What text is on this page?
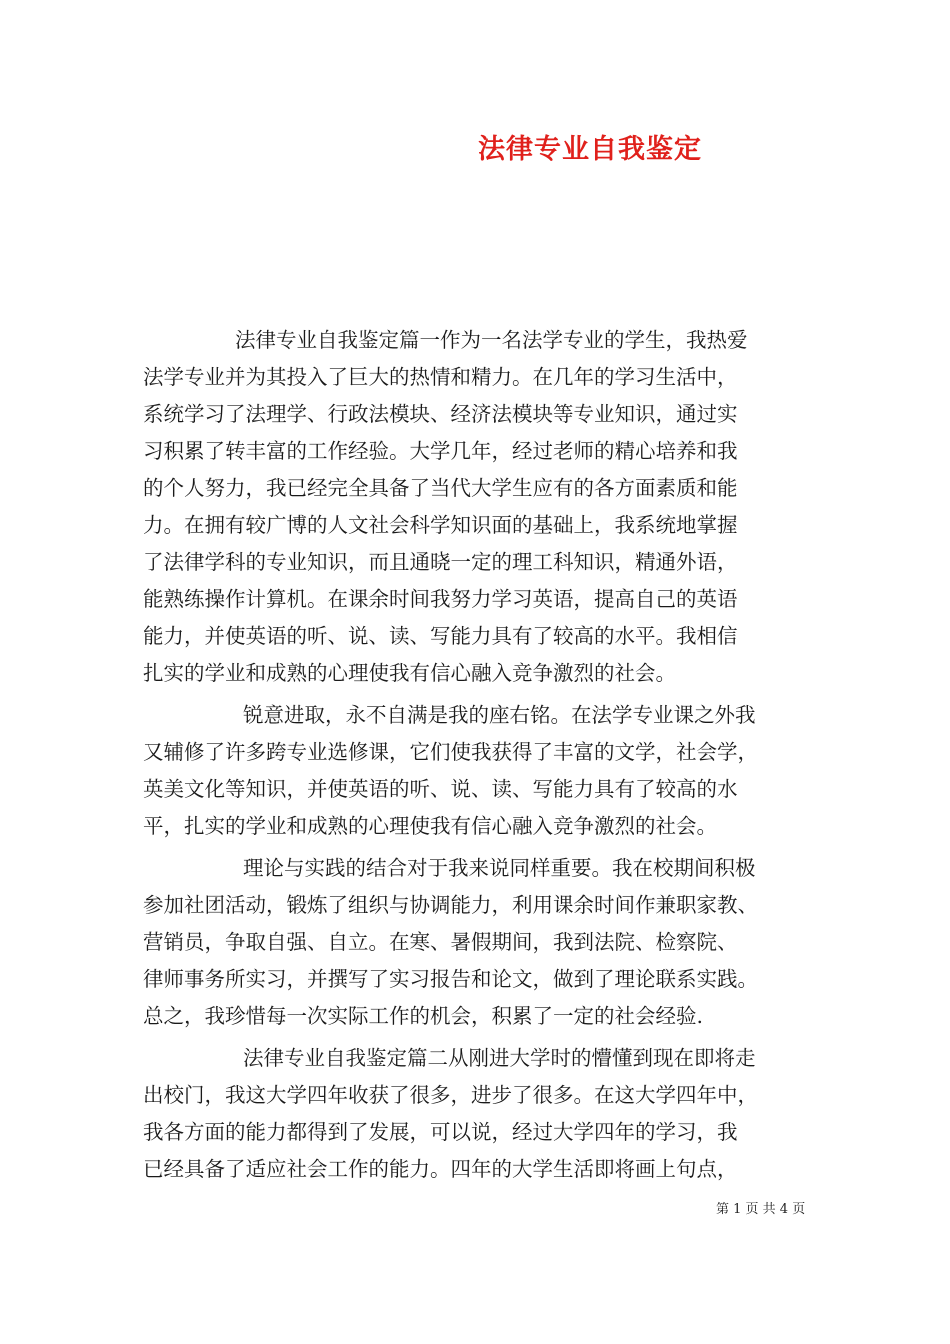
法律专业自我鉴定
法律专业自我鉴定篇一作为一名法学专业的学生，我热爱
法学专业并为其投入了巨大的热情和精力。在几年的学习生活中，
系统学习了法理学、行政法模块、经济法模块等专业知识，通过实
习积累了转丰富的工作经验。大学几年，经过老师的精心培养和我
的个人努力，我已经完全具备了当代大学生应有的各方面素质和能
力。在拥有较广博的人文社会科学知识面的基础上，我系统地掌握
了法律学科的专业知识，而且通晓一定的理工科知识，精通外语，
能熟练操作计算机。在课余时间我努力学习英语，提高自己的英语
能力，并使英语的听、说、读、写能力具有了较高的水平。我相信
扎实的学业和成熟的心理使我有信心融入竞争激烈的社会。
锐意进取，永不自满是我的座右铭。在法学专业课之外我
又辅修了许多跨专业选修课，它们使我获得了丰富的文学，社会学，
英美文化等知识，并使英语的听、说、读、写能力具有了较高的水
平，扎实的学业和成熟的心理使我有信心融入竞争激烈的社会。
理论与实践的结合对于我来说同样重要。我在校期间积极
参加社团活动，锻炼了组织与协调能力，利用课余时间作兼职家教、
营销员，争取自强、自立。在寒、暑假期间，我到法院、检察院、
律师事务所实习，并撰写了实习报告和论文，做到了理论联系实践。
总之，我珍惜每一次实际工作的机会，积累了一定的社会经验.
法律专业自我鉴定篇二从刚进大学时的懵懂到现在即将走
出校门，我这大学四年收获了很多，进步了很多。在这大学四年中，
我各方面的能力都得到了发展，可以说，经过大学四年的学习，我
已经具备了适应社会工作的能力。四年的大学生活即将画上句点，
第 1 页 共 4 页
